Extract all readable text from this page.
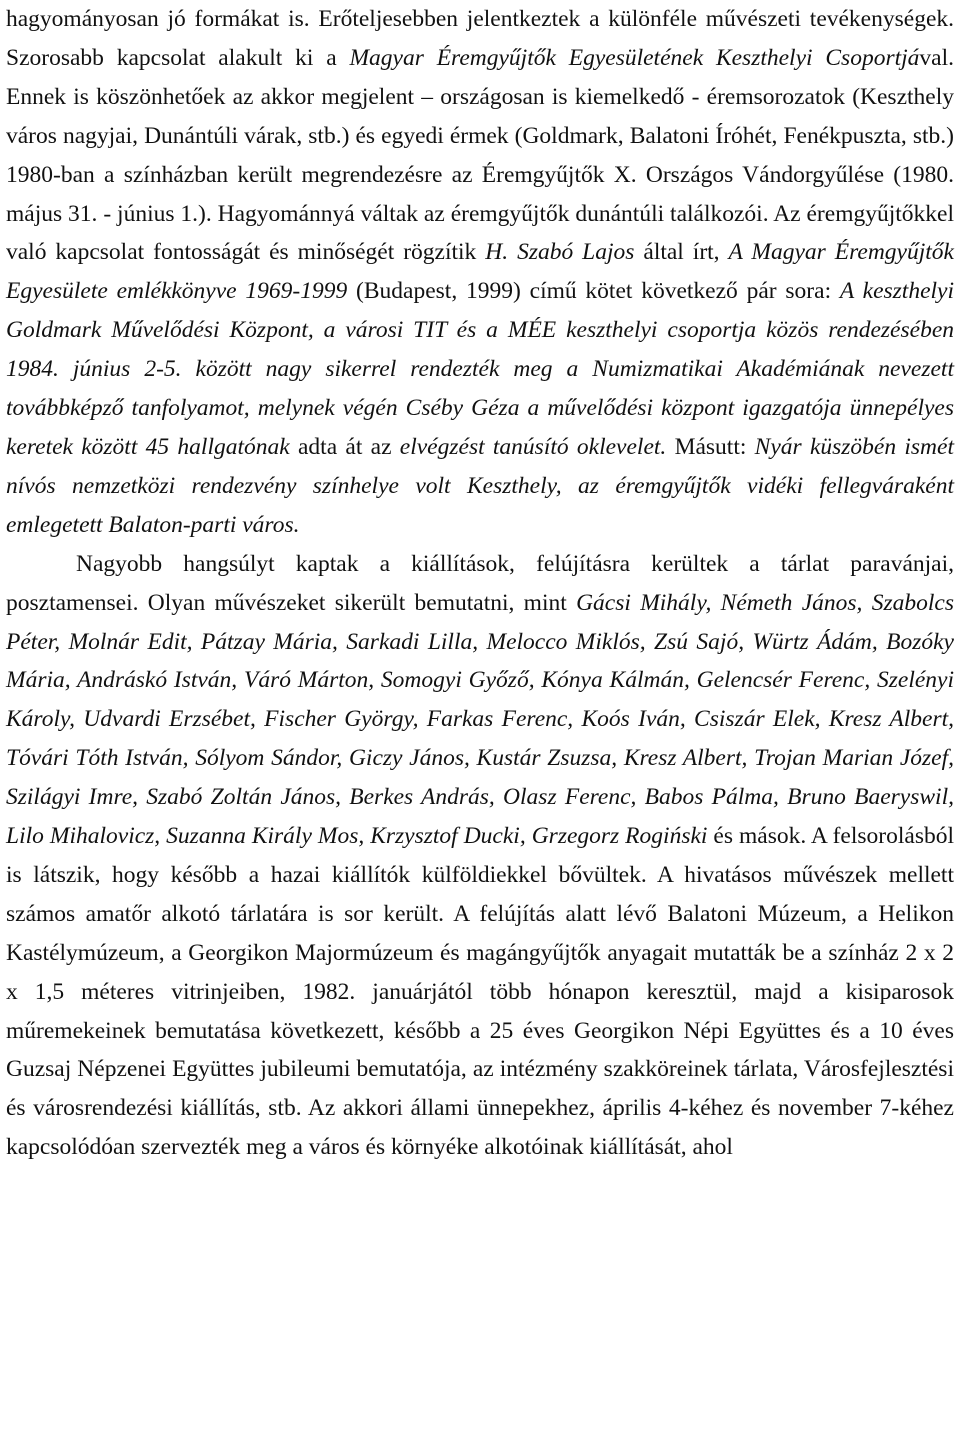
hagyományosan jó formákat is. Erőteljesebben jelentkeztek a különféle művészeti tevékenységek. Szorosabb kapcsolat alakult ki a Magyar Éremgyűjtők Egyesületének Keszthelyi Csoportjával. Ennek is köszönhetőek az akkor megjelent – országosan is kiemelkedő - éremsorozatok (Keszthely város nagyjai, Dunántúli várak, stb.) és egyedi érmek (Goldmark, Balatoni Íróhét, Fenékpuszta, stb.) 1980-ban a színházban került megrendezésre az Éremgyűjtők X. Országos Vándorgyűlése (1980. május 31. - június 1.). Hagyománnyá váltak az éremgyűjtők dunántúli találkozói. Az éremgyűjtőkkel való kapcsolat fontosságát és minőségét rögzítik H. Szabó Lajos által írt, A Magyar Éremgyűjtők Egyesülete emlékkönyve 1969-1999 (Budapest, 1999) című kötet következő pár sora: A keszthelyi Goldmark Művelődési Központ, a városi TIT és a MÉE keszthelyi csoportja közös rendezésében 1984. június 2-5. között nagy sikerrel rendezték meg a Numizmatikai Akadémiának nevezett továbbképző tanfolyamot, melynek végén Cséby Géza a művelődési központ igazgatója ünnepélyes keretek között 45 hallgatónak adta át az elvégzést tanúsító oklevelet. Másutt: Nyár küszöbén ismét nívós nemzetközi rendezvény színhelye volt Keszthely, az éremgyűjtők vidéki fellegváraként emlegetett Balaton-parti város.

Nagyobb hangsúlyt kaptak a kiállítások, felújításra kerültek a tárlat paravánjai, posztamensei. Olyan művészeket sikerült bemutatni, mint Gácsi Mihály, Németh János, Szabolcs Péter, Molnár Edit, Pátzay Mária, Sarkadi Lilla, Melocco Miklós, Zsú Sajó, Würtz Ádám, Bozóky Mária, Andráskó István, Váró Márton, Somogyi Győző, Kónya Kálmán, Gelencsér Ferenc, Szelényi Károly, Udvardi Erzsébet, Fischer György, Farkas Ferenc, Koós Iván, Csiszár Elek, Kresz Albert, Tóvári Tóth István, Sólyom Sándor, Giczy János, Kustár Zsuzsa, Kresz Albert, Trojan Marian Józef, Szilágyi Imre, Szabó Zoltán János, Berkes András, Olasz Ferenc, Babos Pálma, Bruno Baeryswil, Lilo Mihalovicz, Suzanna Király Mos, Krzysztof Ducki, Grzegorz Rogiński és mások. A felsorolásból is látszik, hogy később a hazai kiállítók külföldiekkel bővültek. A hivatásos művészek mellett számos amatőr alkotó tárlatára is sor került. A felújítás alatt lévő Balatoni Múzeum, a Helikon Kastélymúzeum, a Georgikon Majormúzeum és magángyűjtők anyagait mutatták be a színház 2 x 2 x 1,5 méteres vitrinjeiben, 1982. januárjától több hónapon keresztül, majd a kisiparosok műremekeinek bemutatása következett, később a 25 éves Georgikon Népi Együttes és a 10 éves Guzsaj Népzenei Együttes jubileumi bemutatója, az intézmény szakköreinek tárlata, Városfejlesztési és városrendezési kiállítás, stb. Az akkori állami ünnepekhez, április 4-kéhez és november 7-kéhez kapcsolódóan szervezték meg a város és környéke alkotóinak kiállítását, ahol
